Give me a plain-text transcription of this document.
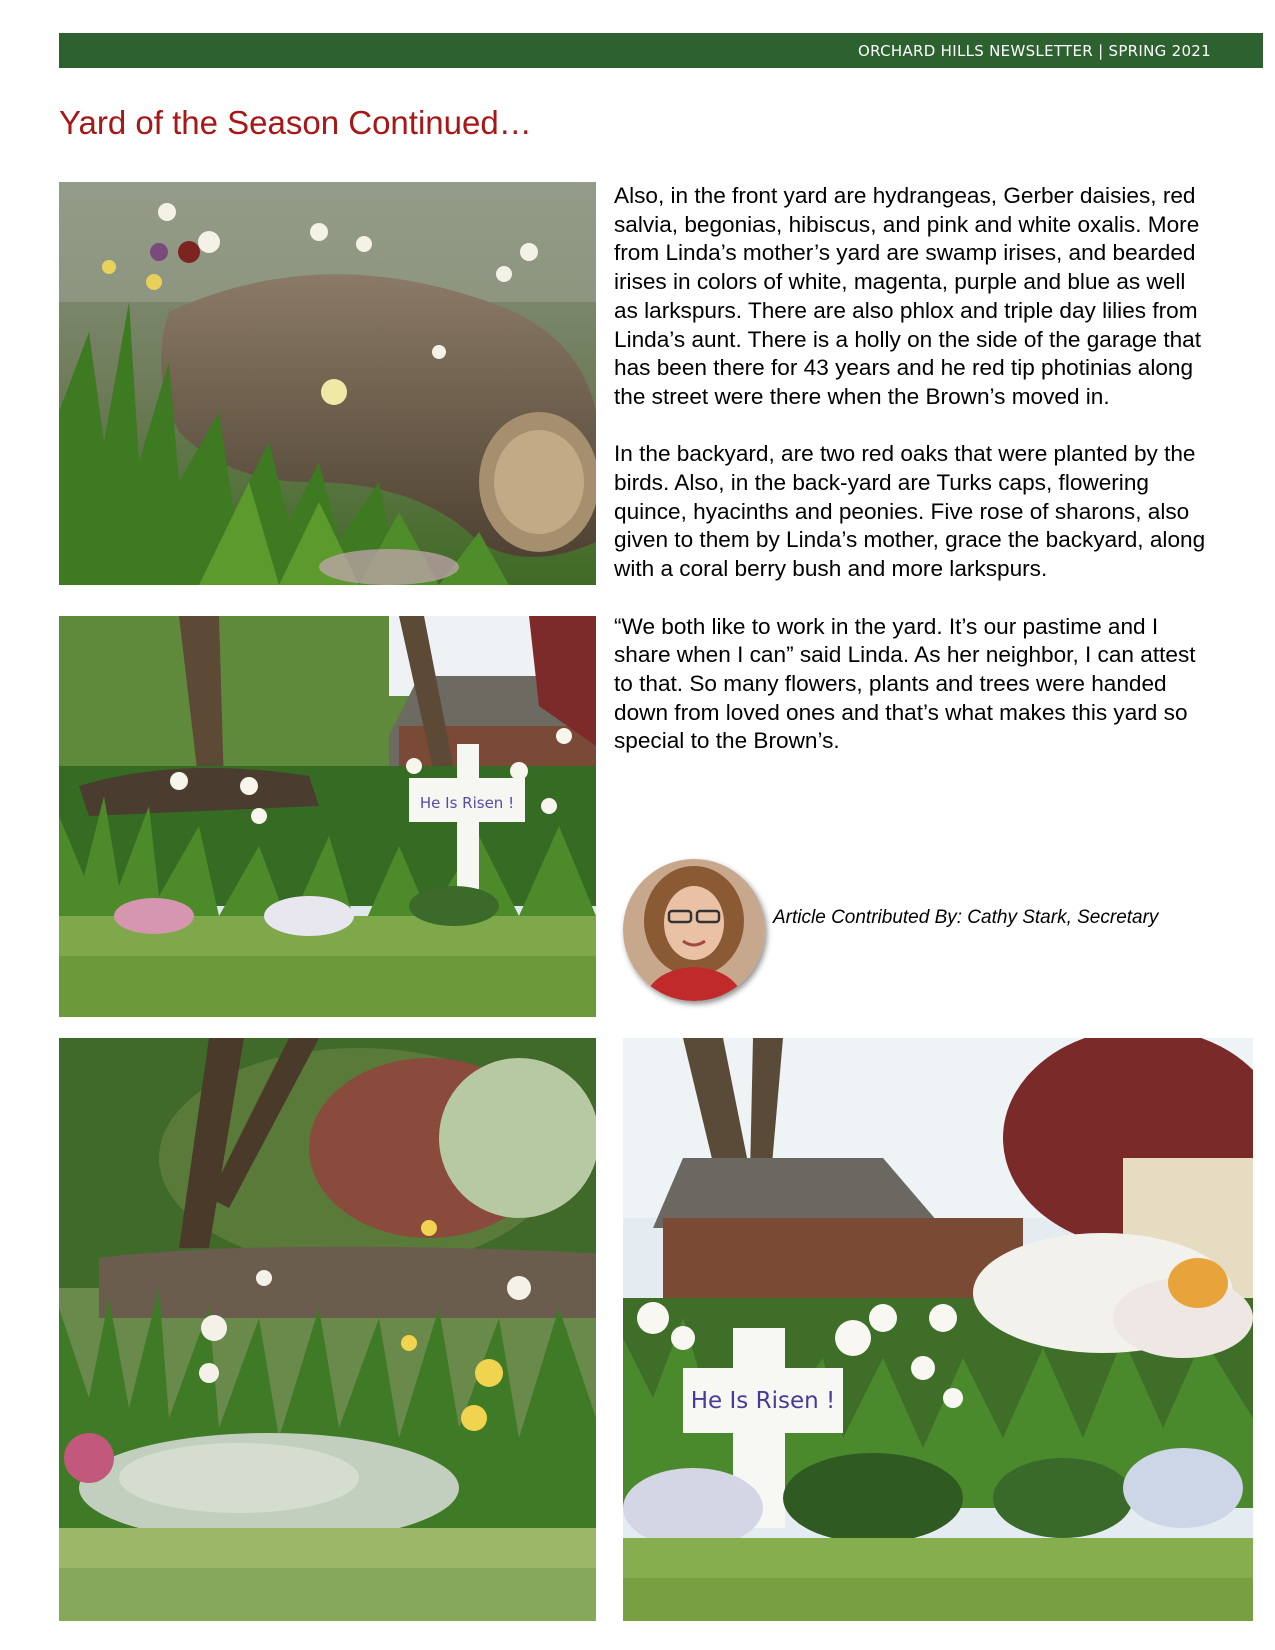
ORCHARD HILLS NEWSLETTER | SPRING 2021
Yard of the Season Continued…
He Is Risen !
He Is Risen !

Also, in the front yard are hydrangeas, Gerber daisies, red salvia, begonias, hibiscus, and pink and white oxalis. More from Linda’s mother’s yard are swamp irises, and bearded irises in colors of white, magenta, purple and blue as well as larkspurs. There are also phlox and triple day lilies from Linda’s aunt. There is a holly on the side of the garage that has been there for 43 years and he red tip photinias along the street were there when the Brown’s moved in.

In the backyard, are two red oaks that were planted by the birds. Also, in the back-yard are Turks caps, flowering quince, hyacinths and peonies. Five rose of sharons, also given to them by Linda’s mother, grace the backyard, along with a coral berry bush and more larkspurs.

“We both like to work in the yard. It’s our pastime and I share when I can” said Linda. As her neighbor, I can attest to that. So many flowers, plants and trees were handed down from loved ones and that’s what makes this yard so special to the Brown’s.

Article Contributed By: Cathy Stark, Secretary
